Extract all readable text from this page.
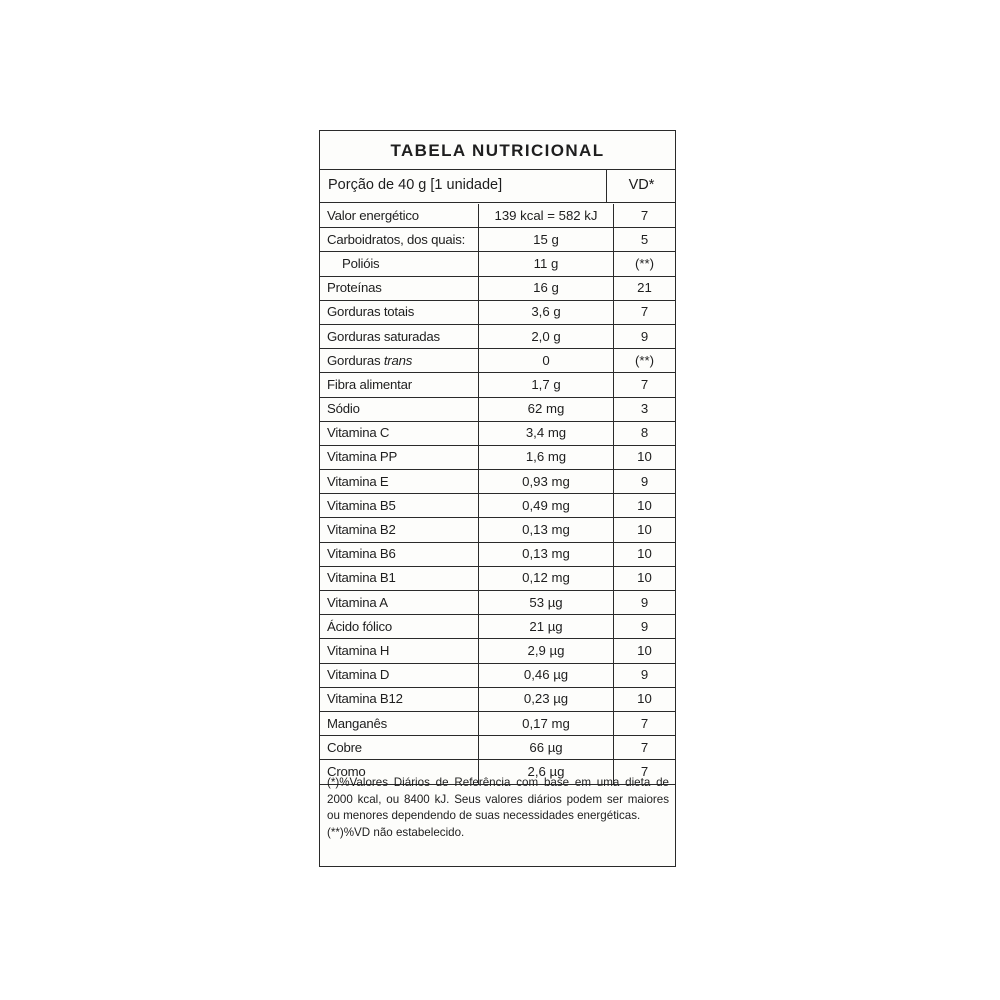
TABELA NUTRICIONAL
Porção de 40 g [1 unidade]	VD*
Valor energético	139 kcal = 582 kJ	7
Carboidratos, dos quais:	15 g	5
Polióis	11 g	(**)
Proteínas	16 g	21
Gorduras totais	3,6 g	7
Gorduras saturadas	2,0 g	9
Gorduras trans	0	(**)
Fibra alimentar	1,7 g	7
Sódio	62 mg	3
Vitamina C	3,4 mg	8
Vitamina PP	1,6 mg	10
Vitamina E	0,93 mg	9
Vitamina B5	0,49 mg	10
Vitamina B2	0,13 mg	10
Vitamina B6	0,13 mg	10
Vitamina B1	0,12 mg	10
Vitamina A	53 µg	9
Ácido fólico	21 µg	9
Vitamina H	2,9 µg	10
Vitamina D	0,46 µg	9
Vitamina B12	0,23 µg	10
Manganês	0,17 mg	7
Cobre	66 µg	7
Cromo	2,6 µg	7

(*)%Valores Diários de Referência com base em uma dieta de 2000 kcal, ou 8400 kJ. Seus valores diários podem ser maiores ou menores dependendo de suas necessidades energéticas.

(**)%VD não estabelecido.
